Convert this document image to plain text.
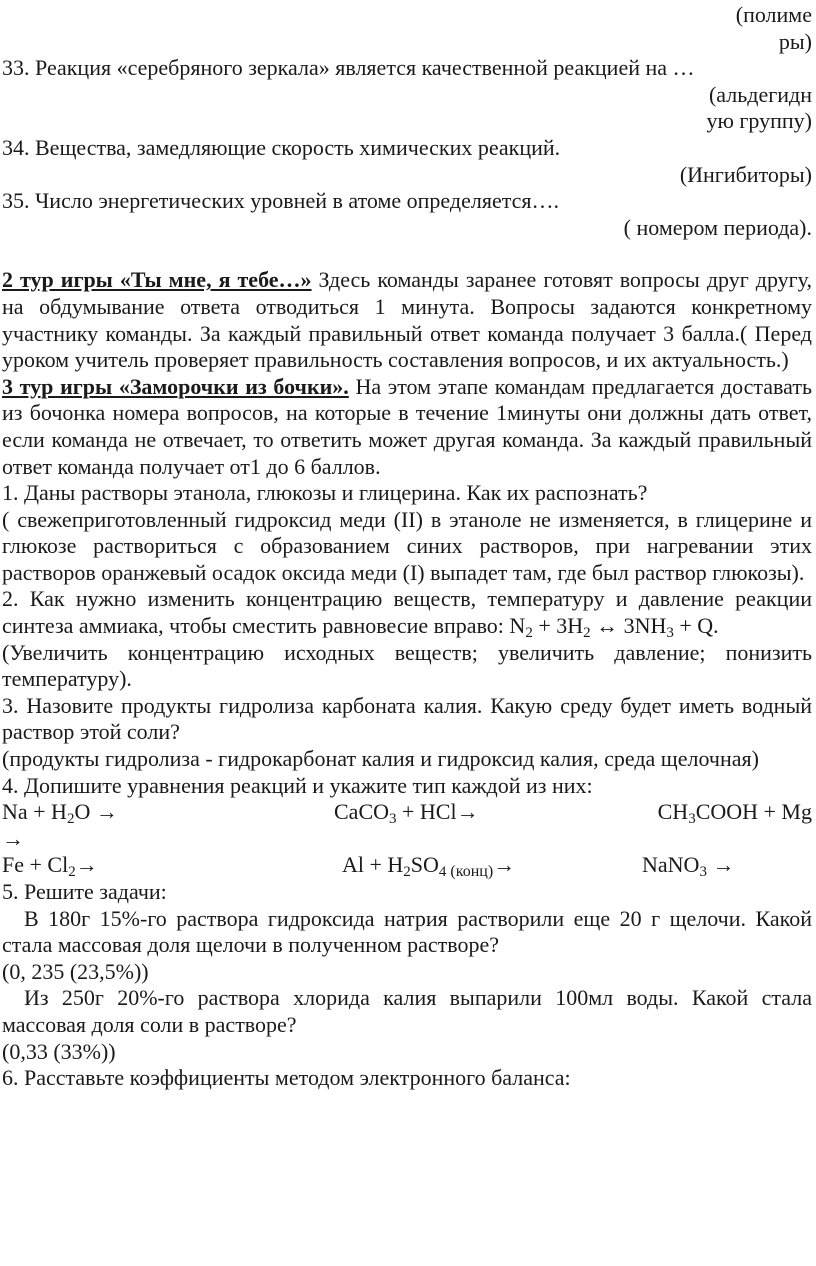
(полиме

ры)

33. Реакция «серебряного зеркала» является качественной реакцией на …

(альдегидн

ую группу)

34. Вещества, замедляющие скорость химических реакций.

(Ингибиторы)

35. Число энергетических уровней в атоме определяется….

( номером периода).

2 тур игры «Ты мне, я тебе…» Здесь команды заранее готовят вопросы друг другу, на обдумывание ответа отводиться 1 минута. Вопросы задаются конкретному участнику команды. За каждый правильный ответ команда получает 3 балла.( Перед уроком учитель проверяет правильность составления вопросов, и их актуальность.)

3 тур игры «Заморочки из бочки». На этом этапе командам предлагается доставать из бочонка номера вопросов, на которые в течение 1минуты они должны дать ответ, если команда не отвечает, то ответить может другая команда. За каждый правильный ответ команда получает от1 до 6 баллов.

1. Даны растворы этанола, глюкозы и глицерина. Как их распознать?

( свежеприготовленный гидроксид меди (II) в этаноле не изменяется, в глицерине и глюкозе раствориться с образованием синих растворов, при нагревании этих растворов оранжевый осадок оксида меди (I) выпадет там, где был раствор глюкозы).

2. Как нужно изменить концентрацию веществ, температуру и давление реакции синтеза аммиака, чтобы сместить равновесие вправо: $N_2 + 3H_2$ ↔ $3NH_3 + Q$.

(Увеличить концентрацию исходных веществ; увеличить давление; понизить температуру).

3. Назовите продукты гидролиза карбоната калия. Какую среду будет иметь водный раствор этой соли?

(продукты гидролиза - гидрокарбонат калия и гидроксид калия, среда щелочная)

4. Допишите уравнения реакций и укажите тип каждой из них:

$Na + H_2O$ →	CaCO$_3$ + HCl→	$CH_3COOH + Mg$

→

$Fe + Cl_2\to$	$Al + H_2SO_4$ $_{(конц)}$→	NaNO$_3$ →

5. Решите задачи:

В 180г 15%-го раствора гидроксида натрия растворили еще 20 г щелочи. Какой стала массовая доля щелочи в полученном растворе?

(0, 235 (23,5%))

Из 250г 20%-го раствора хлорида калия выпарили 100мл воды. Какой стала массовая доля соли в растворе?

(0,33 (33%))

6. Расставьте коэффициенты методом электронного баланса:
